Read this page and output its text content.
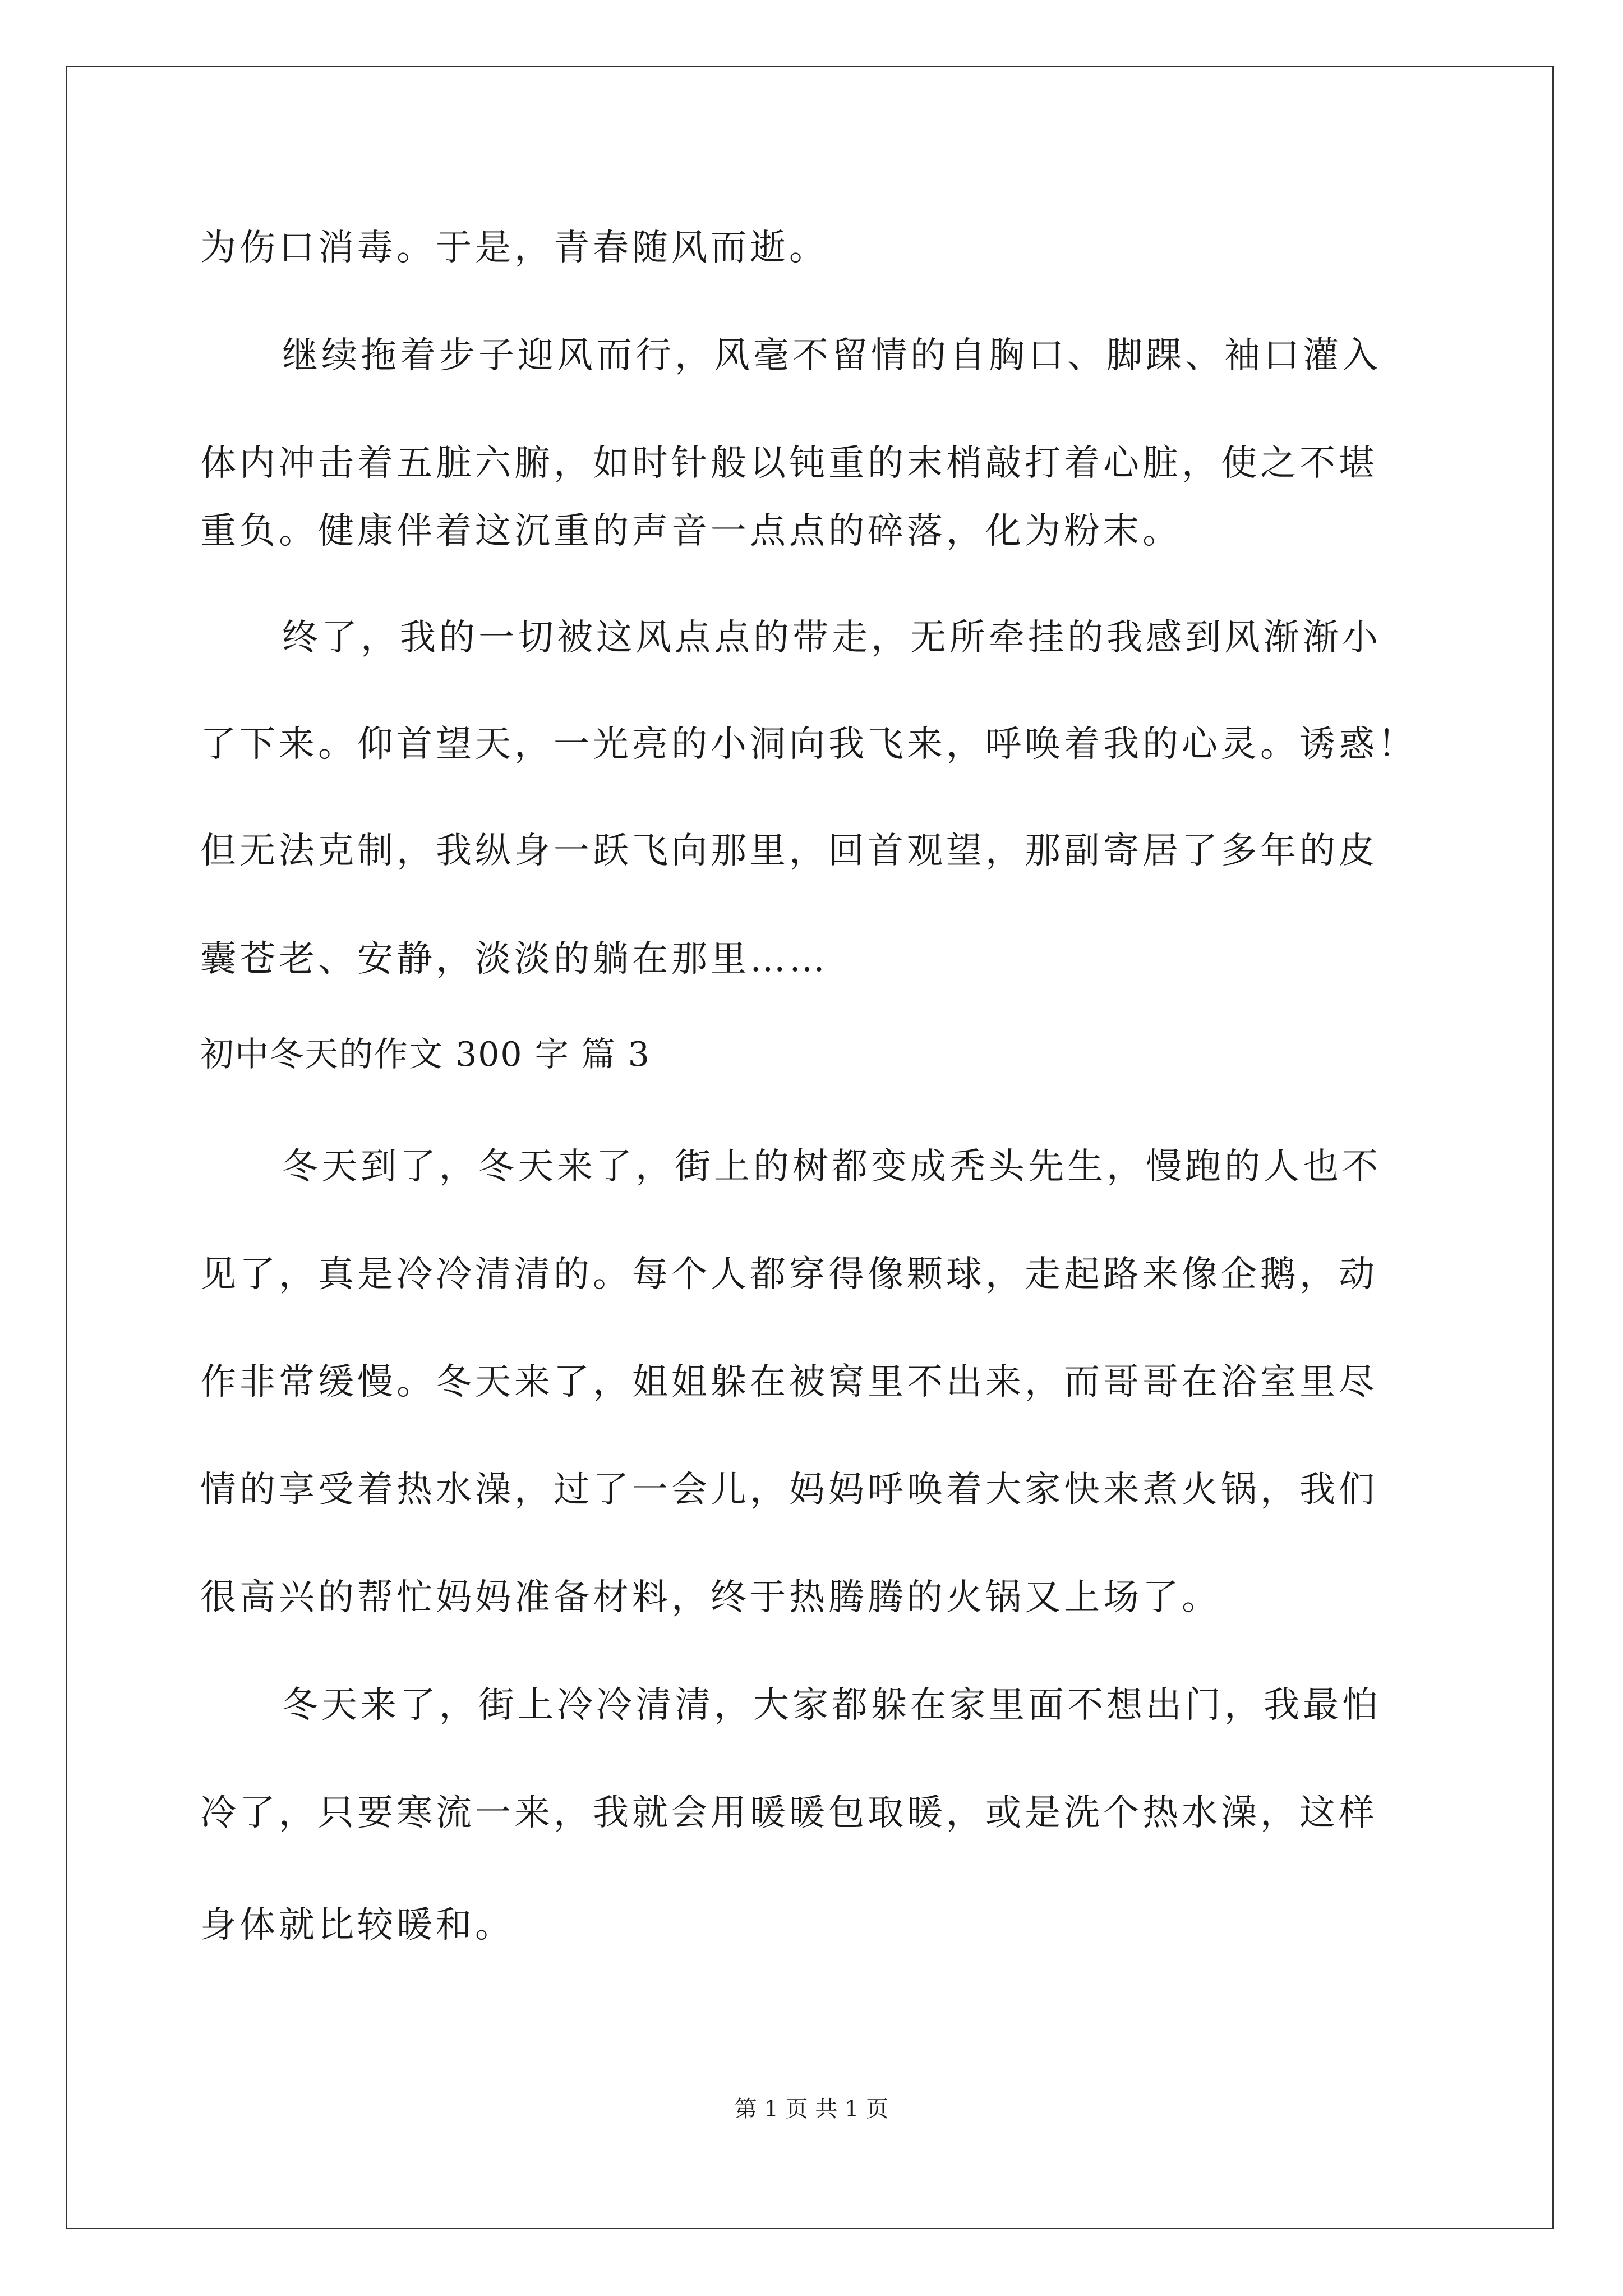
为伤口消毒。于是，青春随风而逝。
继续拖着步子迎风而行，风毫不留情的自胸口、脚踝、袖口灌入
体内冲击着五脏六腑，如时针般以钝重的末梢敲打着心脏，使之不堪
重负。健康伴着这沉重的声音一点点的碎落，化为粉末。
终了，我的一切被这风点点的带走，无所牵挂的我感到风渐渐小
了下来。仰首望天，一光亮的小洞向我飞来，呼唤着我的心灵。诱惑！
但无法克制，我纵身一跃飞向那里，回首观望，那副寄居了多年的皮
囊苍老、安静，淡淡的躺在那里……
初中冬天的作文 300 字 篇 3
冬天到了，冬天来了，街上的树都变成秃头先生，慢跑的人也不
见了，真是冷冷清清的。每个人都穿得像颗球，走起路来像企鹅，动
作非常缓慢。冬天来了，姐姐躲在被窝里不出来，而哥哥在浴室里尽
情的享受着热水澡，过了一会儿，妈妈呼唤着大家快来煮火锅，我们
很高兴的帮忙妈妈准备材料，终于热腾腾的火锅又上场了。
冬天来了，街上冷冷清清，大家都躲在家里面不想出门，我最怕
冷了，只要寒流一来，我就会用暖暖包取暖，或是洗个热水澡，这样
身体就比较暖和。
第 1 页 共 1 页
